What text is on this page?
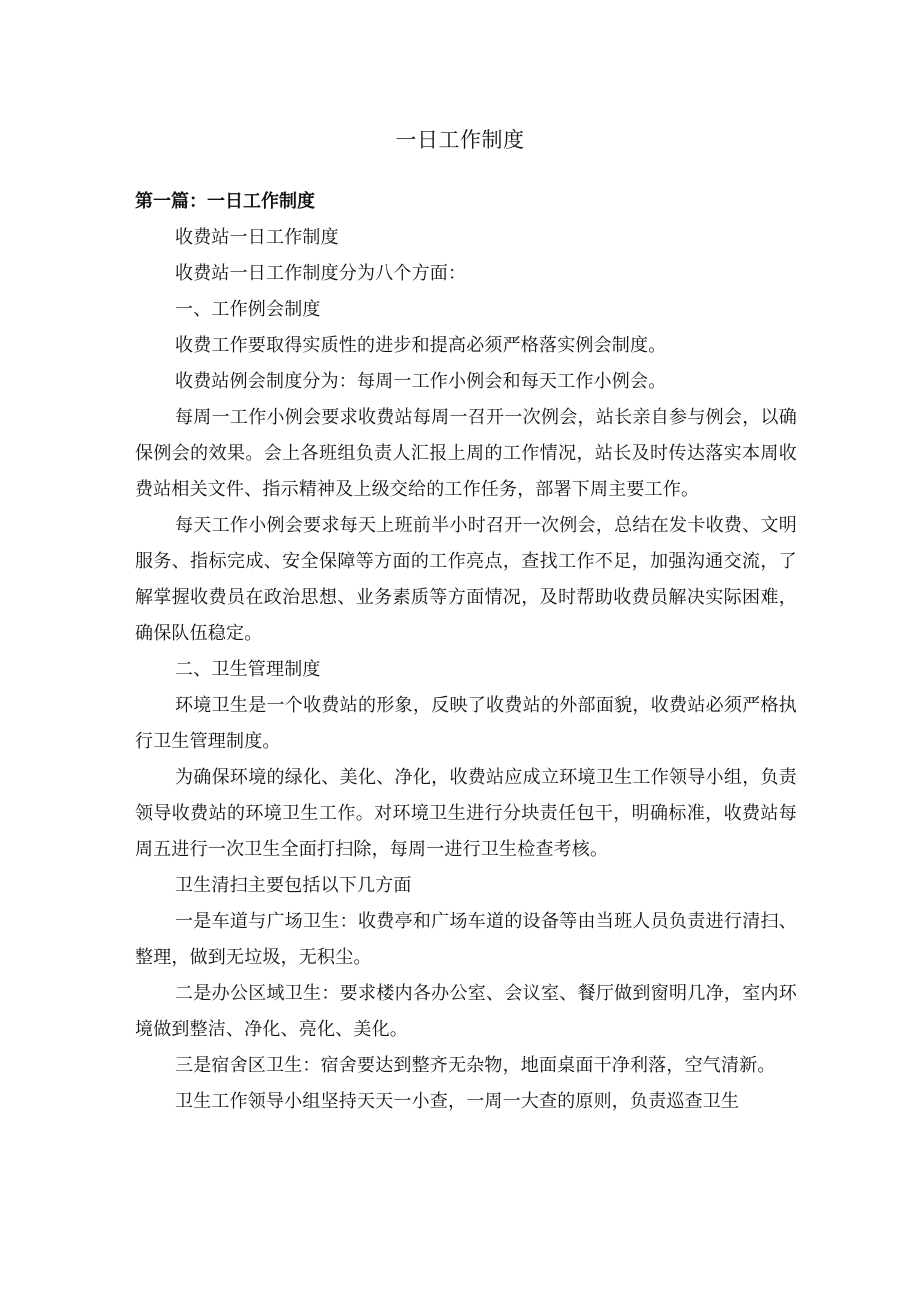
一日工作制度

第一篇：一日工作制度

收费站一日工作制度

收费站一日工作制度分为八个方面：

一、工作例会制度

收费工作要取得实质性的进步和提高必须严格落实例会制度。

收费站例会制度分为：每周一工作小例会和每天工作小例会。

每周一工作小例会要求收费站每周一召开一次例会，站长亲自参与例会，以确保例会的效果。会上各班组负责人汇报上周的工作情况，站长及时传达落实本周收费站相关文件、指示精神及上级交给的工作任务，部署下周主要工作。

每天工作小例会要求每天上班前半小时召开一次例会，总结在发卡收费、文明服务、指标完成、安全保障等方面的工作亮点，查找工作不足，加强沟通交流，了解掌握收费员在政治思想、业务素质等方面情况，及时帮助收费员解决实际困难，确保队伍稳定。

二、卫生管理制度

环境卫生是一个收费站的形象，反映了收费站的外部面貌，收费站必须严格执行卫生管理制度。

为确保环境的绿化、美化、净化，收费站应成立环境卫生工作领导小组，负责领导收费站的环境卫生工作。对环境卫生进行分块责任包干，明确标准，收费站每周五进行一次卫生全面打扫除，每周一进行卫生检查考核。

卫生清扫主要包括以下几方面

一是车道与广场卫生：收费亭和广场车道的设备等由当班人员负责进行清扫、整理，做到无垃圾，无积尘。

二是办公区域卫生：要求楼内各办公室、会议室、餐厅做到窗明几净，室内环境做到整洁、净化、亮化、美化。

三是宿舍区卫生：宿舍要达到整齐无杂物，地面桌面干净利落，空气清新。

卫生工作领导小组坚持天天一小查，一周一大查的原则，负责巡查卫生
